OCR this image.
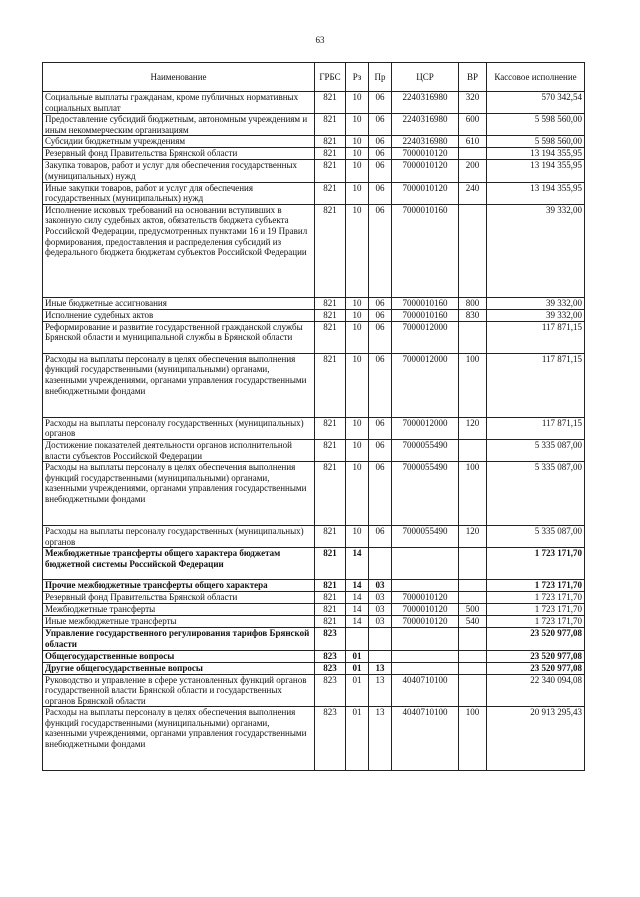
63
Наименование	ГРБС	Рз	Пр	ЦСР	ВР	Кассовое исполнение
Социальные выплаты гражданам, кроме публичных нормативных социальных выплат	821	10	06	2240316980	320	570 342,54
Предоставление субсидий бюджетным, автономным учреждениям и иным некоммерческим организациям	821	10	06	2240316980	600	5 598 560,00
Субсидии бюджетным учреждениям	821	10	06	2240316980	610	5 598 560,00
Резервный фонд Правительства Брянской области	821	10	06	7000010120		13 194 355,95
Закупка товаров, работ и услуг для обеспечения государственных (муниципальных) нужд	821	10	06	7000010120	200	13 194 355,95
Иные закупки товаров, работ и услуг для обеспечения государственных (муниципальных) нужд	821	10	06	7000010120	240	13 194 355,95
Исполнение исковых требований на основании вступивших в законную силу судебных актов, обязательств бюджета субъекта Российской Федерации, предусмотренных пунктами 16 и 19 Правил формирования, предоставления и распределения субсидий из федерального бюджета бюджетам субъектов Российской Федерации	821	10	06	7000010160		39 332,00
Иные бюджетные ассигнования	821	10	06	7000010160	800	39 332,00
Исполнение судебных актов	821	10	06	7000010160	830	39 332,00
Реформирование и развитие государственной гражданской службы Брянской области и муниципальной службы в Брянской области	821	10	06	7000012000		117 871,15
Расходы на выплаты персоналу в целях обеспечения выполнения функций государственными (муниципальными) органами, казенными учреждениями, органами управления государственными внебюджетными фондами	821	10	06	7000012000	100	117 871,15
Расходы на выплаты персоналу государственных (муниципальных) органов	821	10	06	7000012000	120	117 871,15
Достижение показателей деятельности органов исполнительной власти субъектов Российской Федерации	821	10	06	7000055490		5 335 087,00
Расходы на выплаты персоналу в целях обеспечения выполнения функций государственными (муниципальными) органами, казенными учреждениями, органами управления государственными внебюджетными фондами	821	10	06	7000055490	100	5 335 087,00
Расходы на выплаты персоналу государственных (муниципальных) органов	821	10	06	7000055490	120	5 335 087,00
Межбюджетные трансферты общего характера бюджетам бюджетной системы Российской Федерации	821	14				1 723 171,70
Прочие межбюджетные трансферты общего характера	821	14	03			1 723 171,70
Резервный фонд Правительства Брянской области	821	14	03	7000010120		1 723 171,70
Межбюджетные трансферты	821	14	03	7000010120	500	1 723 171,70
Иные межбюджетные трансферты	821	14	03	7000010120	540	1 723 171,70
Управление государственного регулирования тарифов Брянской области	823					23 520 977,08
Общегосударственные вопросы	823	01				23 520 977,08
Другие общегосударственные вопросы	823	01	13			23 520 977,08
Руководство и управление в сфере установленных функций органов государственной власти Брянской области и государственных органов Брянской области	823	01	13	4040710100		22 340 094,08
Расходы на выплаты персоналу в целях обеспечения выполнения функций государственными (муниципальными) органами, казенными учреждениями, органами управления государственными внебюджетными фондами	823	01	13	4040710100	100	20 913 295,43
